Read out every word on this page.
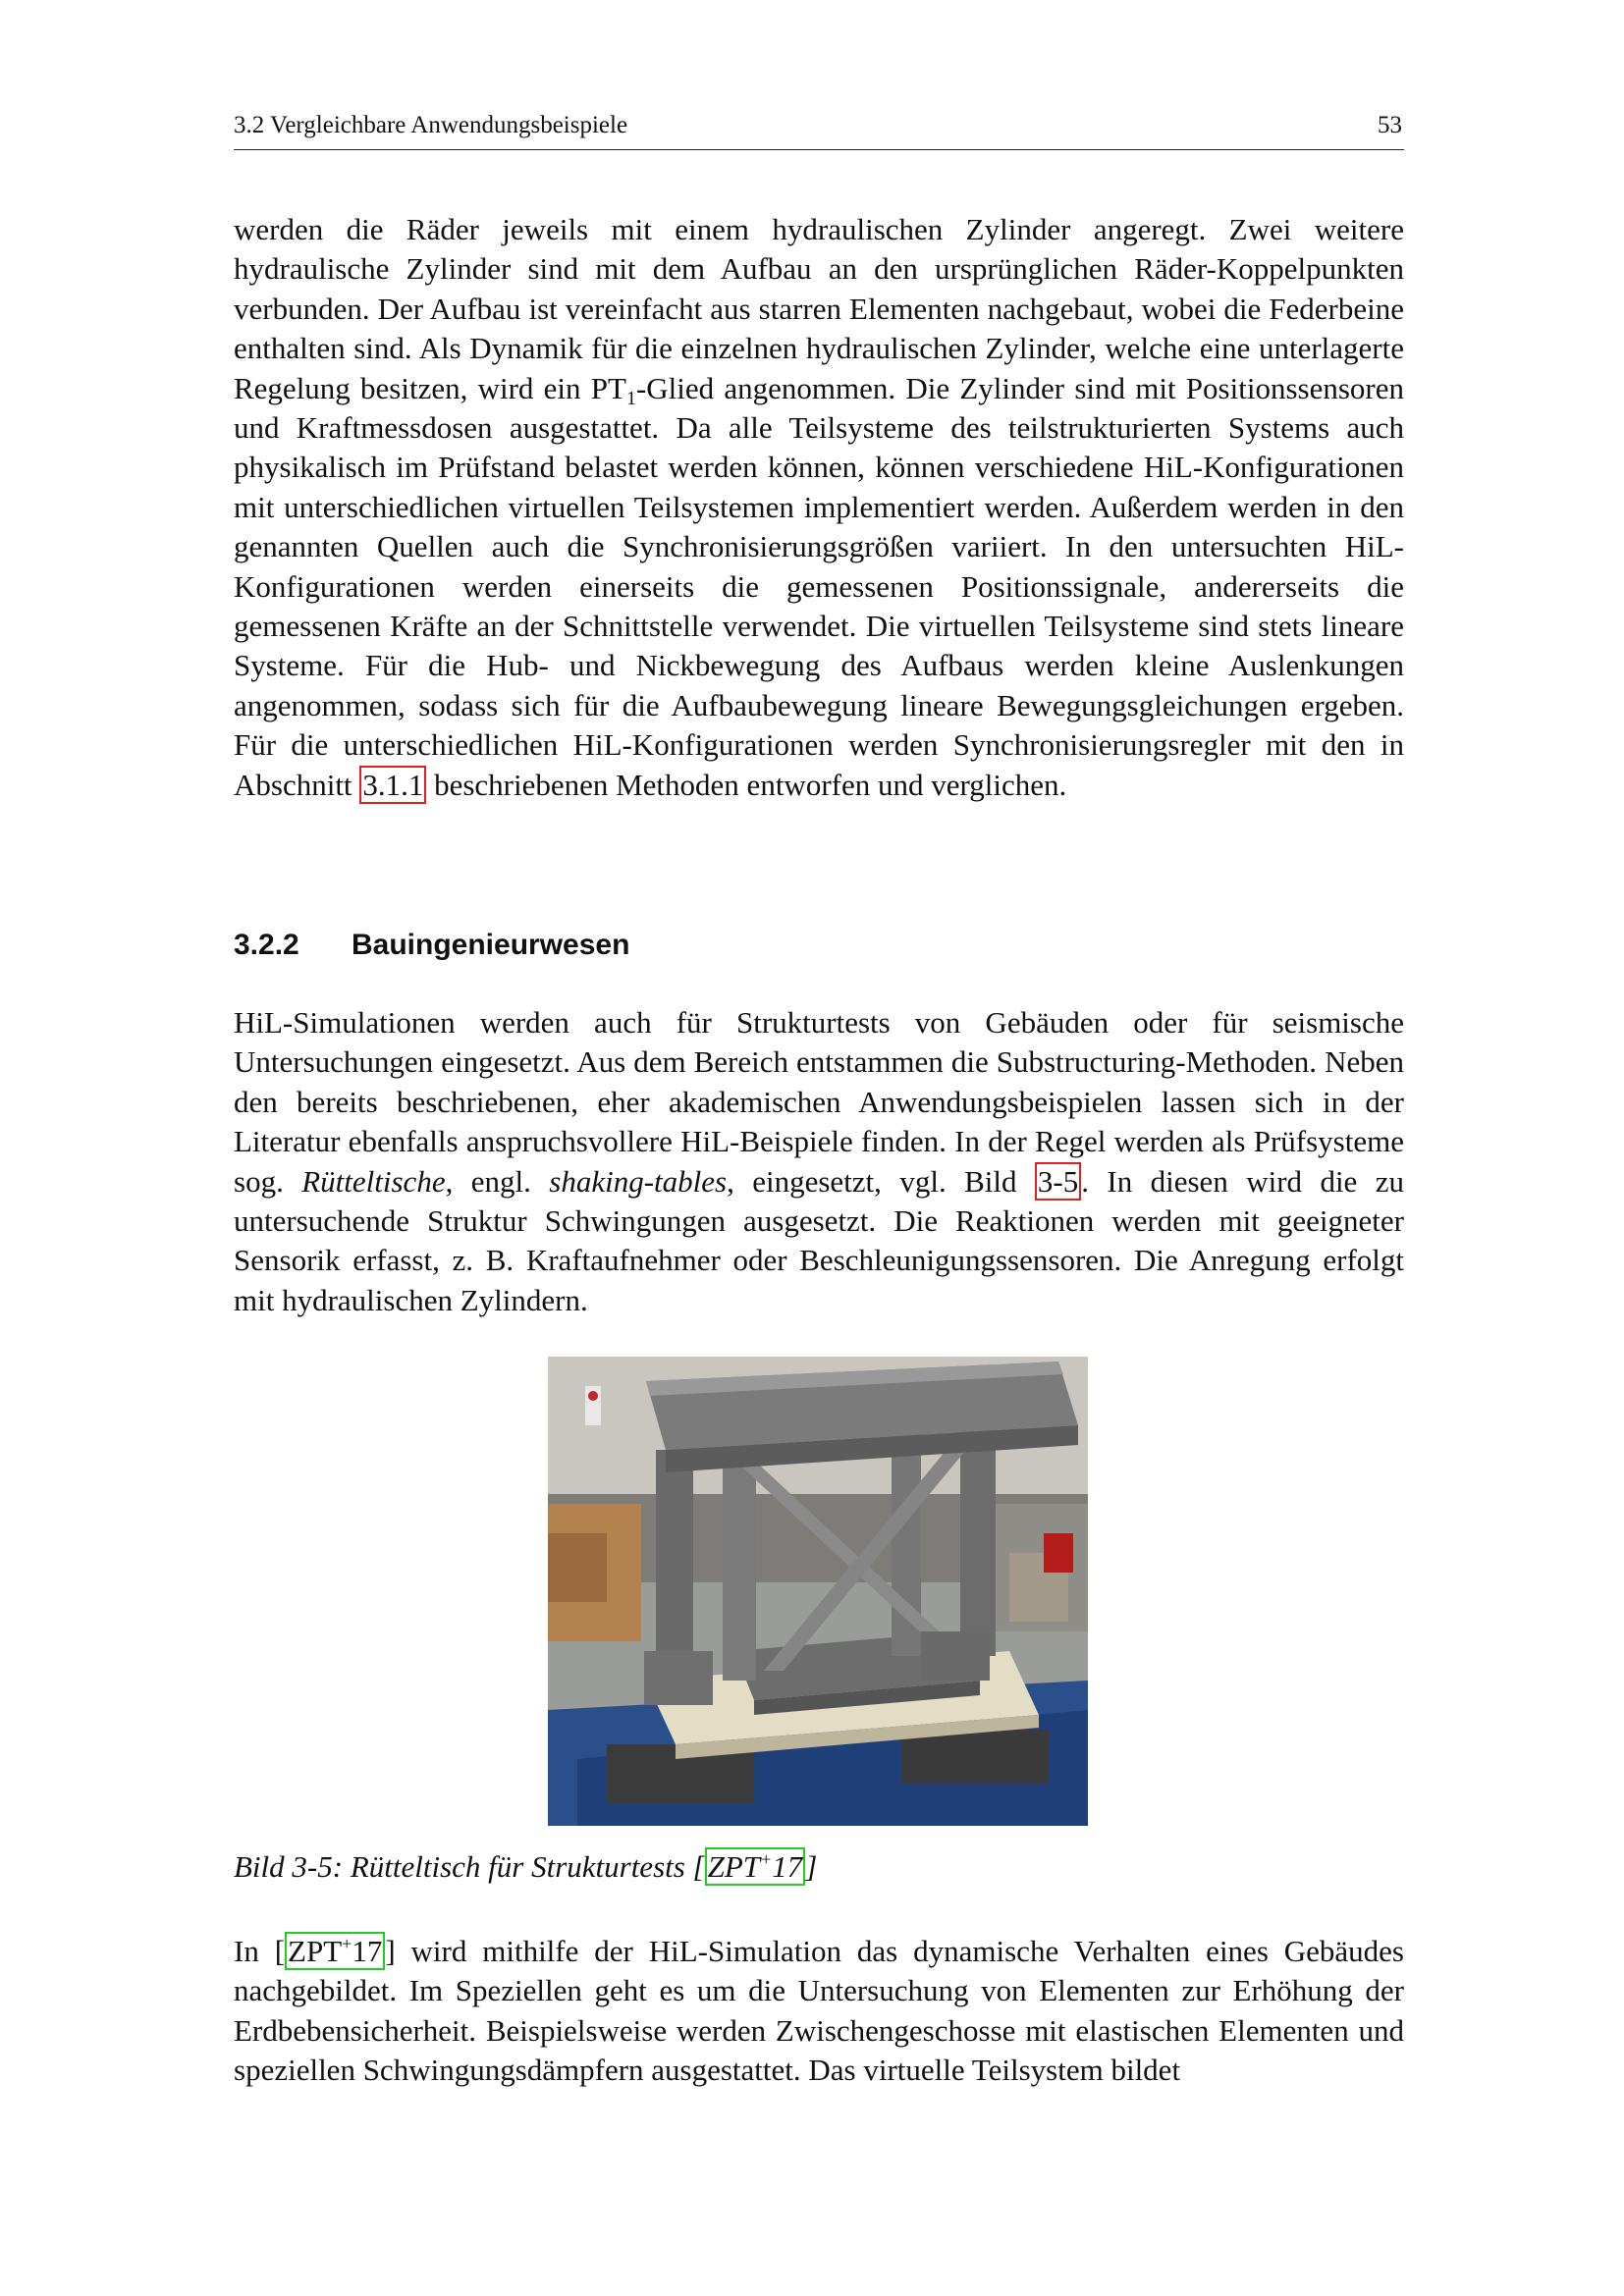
3.2 Vergleichbare Anwendungsbeispiele	53
werden die Räder jeweils mit einem hydraulischen Zylinder angeregt. Zwei weitere hydraulische Zylinder sind mit dem Aufbau an den ursprünglichen Räder-Koppelpunkten verbunden. Der Aufbau ist vereinfacht aus starren Elementen nachgebaut, wobei die Federbeine enthalten sind. Als Dynamik für die einzelnen hydraulischen Zylinder, welche eine unterlagerte Regelung besitzen, wird ein $PT_1$-Glied angenommen. Die Zylinder sind mit Positionssensoren und Kraftmessdosen ausgestattet. Da alle Teilsysteme des teilstrukturierten Systems auch physikalisch im Prüfstand belastet werden können, können verschiedene HiL-Konfigurationen mit unterschiedlichen virtuellen Teilsystemen implementiert werden. Außerdem werden in den genannten Quellen auch die Synchronisierungsgrößen variiert. In den untersuchten HiL-Konfigurationen werden einerseits die gemessenen Positionssignale, andererseits die gemessenen Kräfte an der Schnittstelle verwendet. Die virtuellen Teilsysteme sind stets lineare Systeme. Für die Hub- und Nickbewegung des Aufbaus werden kleine Auslenkungen angenommen, sodass sich für die Aufbaubewegung lineare Bewegungsgleichungen ergeben. Für die unterschiedlichen HiL-Konfigurationen werden Synchronisierungsregler mit den in Abschnitt 3.1.1 beschriebenen Methoden entworfen und verglichen.
3.2.2 Bauingenieurwesen
HiL-Simulationen werden auch für Strukturtests von Gebäuden oder für seismische Untersuchungen eingesetzt. Aus dem Bereich entstammen die Substructuring-Methoden. Neben den bereits beschriebenen, eher akademischen Anwendungsbeispielen lassen sich in der Literatur ebenfalls anspruchsvollere HiL-Beispiele finden. In der Regel werden als Prüfsysteme sog. Rütteltische, engl. shaking-tables, eingesetzt, vgl. Bild 3-5. In diesen wird die zu untersuchende Struktur Schwingungen ausgesetzt. Die Reaktionen werden mit geeigneter Sensorik erfasst, z. B. Kraftaufnehmer oder Beschleunigungssensoren. Die Anregung erfolgt mit hydraulischen Zylindern.
Bild 3-5: Rütteltisch für Strukturtests [ZPT+17]
In [ZPT+17] wird mithilfe der HiL-Simulation das dynamische Verhalten eines Gebäudes nachgebildet. Im Speziellen geht es um die Untersuchung von Elementen zur Erhöhung der Erdbebensicherheit. Beispielsweise werden Zwischengeschosse mit elastischen Elementen und speziellen Schwingungsdämpfern ausgestattet. Das virtuelle Teilsystem bildet
